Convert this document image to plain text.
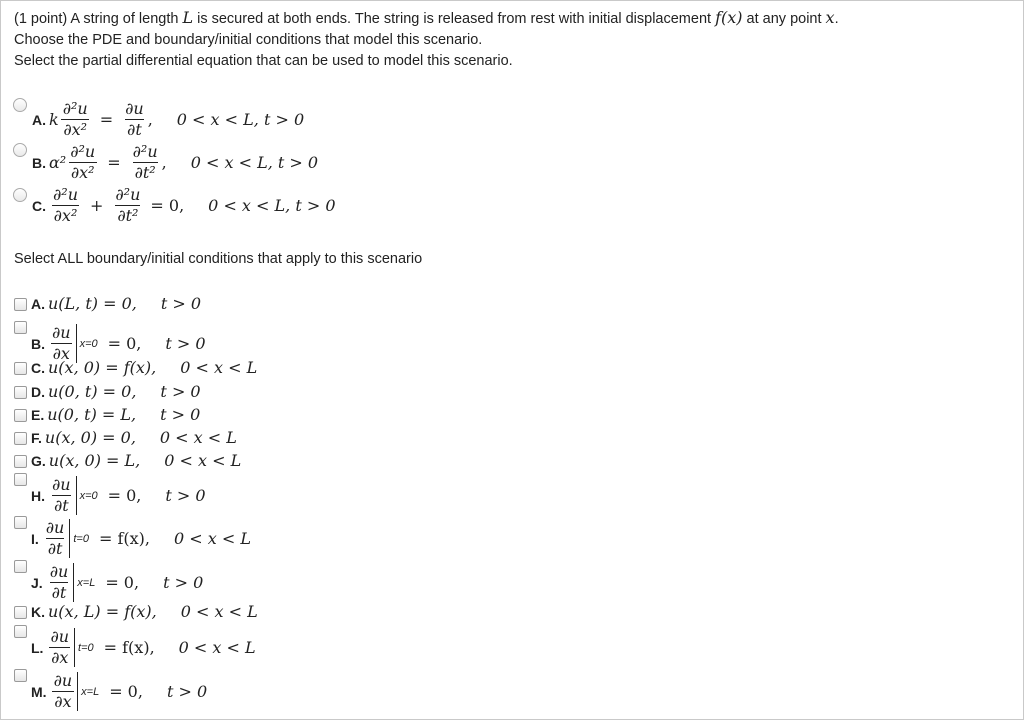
(1 point) A string of length L is secured at both ends. The string is released from rest with initial displacement f(x) at any point x.

Choose the PDE and boundary/initial conditions that model this scenario.

Select the partial differential equation that can be used to model this scenario.

A. k $\frac{\text{∂²u}}{\text{∂x²}} = \frac{\partial u}{\partial t}$ , 0 < x < L, t > 0
B. $\alpha^2 \frac{\text{∂²u}}{\text{∂x²}} = \frac{\text{∂²u}}{\text{∂t²}}$ , 0 < x < L, t > 0
C. $\frac{\text{∂²u}}{\text{∂x²}} + \frac{\text{∂²u}}{\text{∂t²}} = 0$, 0 < x < L, t > 0
Select ALL boundary/initial conditions that apply to this scenario
A. u(L, t) = 0, t > 0
B. $\frac{\partial u}{\partial x} x=0 = 0$, t > 0
C. u(x, 0) = f(x), 0 < x < L
D. u(0, t) = 0, t > 0
E. u(0, t) = L, t > 0
F. u(x, 0) = 0, 0 < x < L
G. u(x, 0) = L, 0 < x < L
H. $\frac{\partial u}{\partial t} x=0 = 0$, t > 0
I. $\frac{\partial u}{\partial t} t=0 = f(x)$, 0 < x < L
J. $\frac{\partial u}{\partial t} x=L = 0$, t > 0
K. u(x, L) = f(x), 0 < x < L
L. $\frac{\partial u}{\partial x} t=0 = f(x)$, 0 < x < L
M. $\frac{\partial u}{\partial x} x=L = 0$, t > 0
